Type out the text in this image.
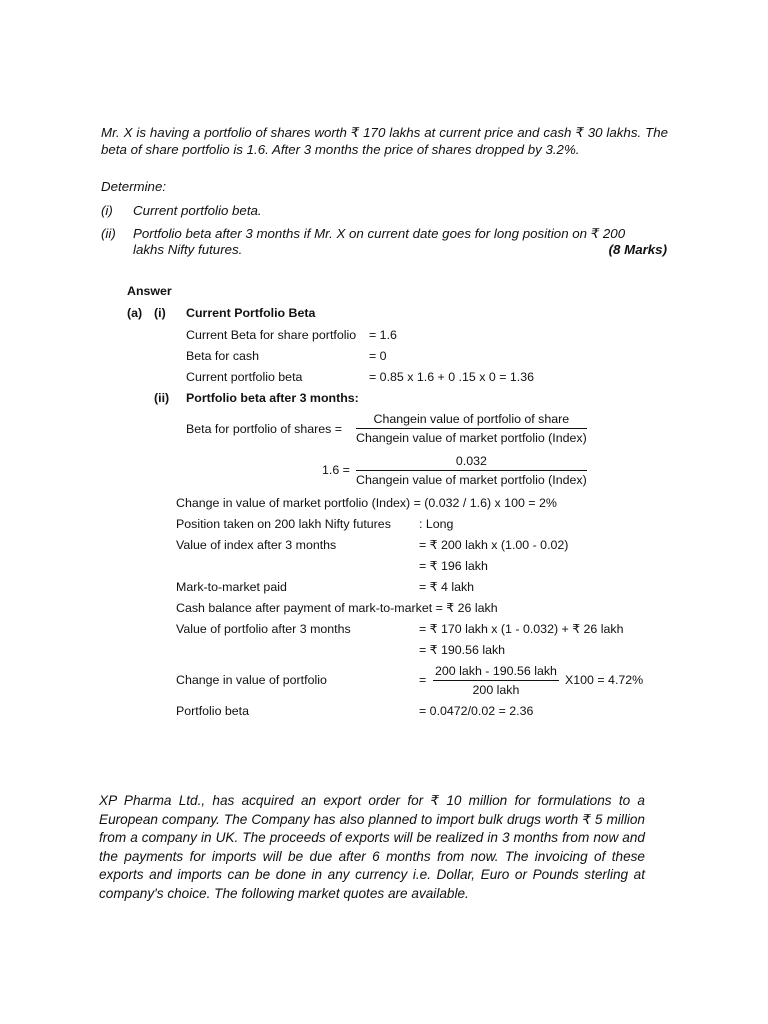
Mr. X is having a portfolio of shares worth ₹ 170 lakhs at current price and cash ₹ 30 lakhs. The beta of share portfolio is 1.6. After 3 months the price of shares dropped by 3.2%.
Determine:
(i) Current portfolio beta.
(ii) Portfolio beta after 3 months if Mr. X on current date goes for long position on ₹ 200
lakhs Nifty futures.	(8 Marks)
Answer
(a) (i) Current Portfolio Beta
Current Beta for share portfolio = 1.6
Beta for cash	= 0
Current portfolio beta	= 0.85 x 1.6 + 0 .15 x 0 = 1.36
(ii) Portfolio beta after 3 months:
Beta for portfolio of shares =
Changein value of portfolio of share
Changein value of market portfolio (Index)
1.6 =
0.032
Changein value of market portfolio (Index)
Change in value of market portfolio (Index) = (0.032 / 1.6) x 100 = 2%
Position taken on 200 lakh Nifty futures : Long
Value of index after 3 months	= ₹ 200 lakh x (1.00 - 0.02)
= ₹ 196 lakh
Mark-to-market paid	= ₹ 4 lakh
Cash balance after payment of mark-to-market = ₹ 26 lakh
Value of portfolio after 3 months	= ₹ 170 lakh x (1 - 0.032) + ₹ 26 lakh
= ₹ 190.56 lakh
Change in value of portfolio	=
200 lakh - 190.56 lakh
200 lakh
X100 = 4.72%
Portfolio beta	= 0.0472/0.02 = 2.36
XP Pharma Ltd., has acquired an export order for ₹ 10 million for formulations to a European company. The Company has also planned to import bulk drugs worth ₹ 5 million from a company in UK. The proceeds of exports will be realized in 3 months from now and the payments for imports will be due after 6 months from now. The invoicing of these exports and imports can be done in any currency i.e. Dollar, Euro or Pounds sterling at company's choice. The following market quotes are available.
